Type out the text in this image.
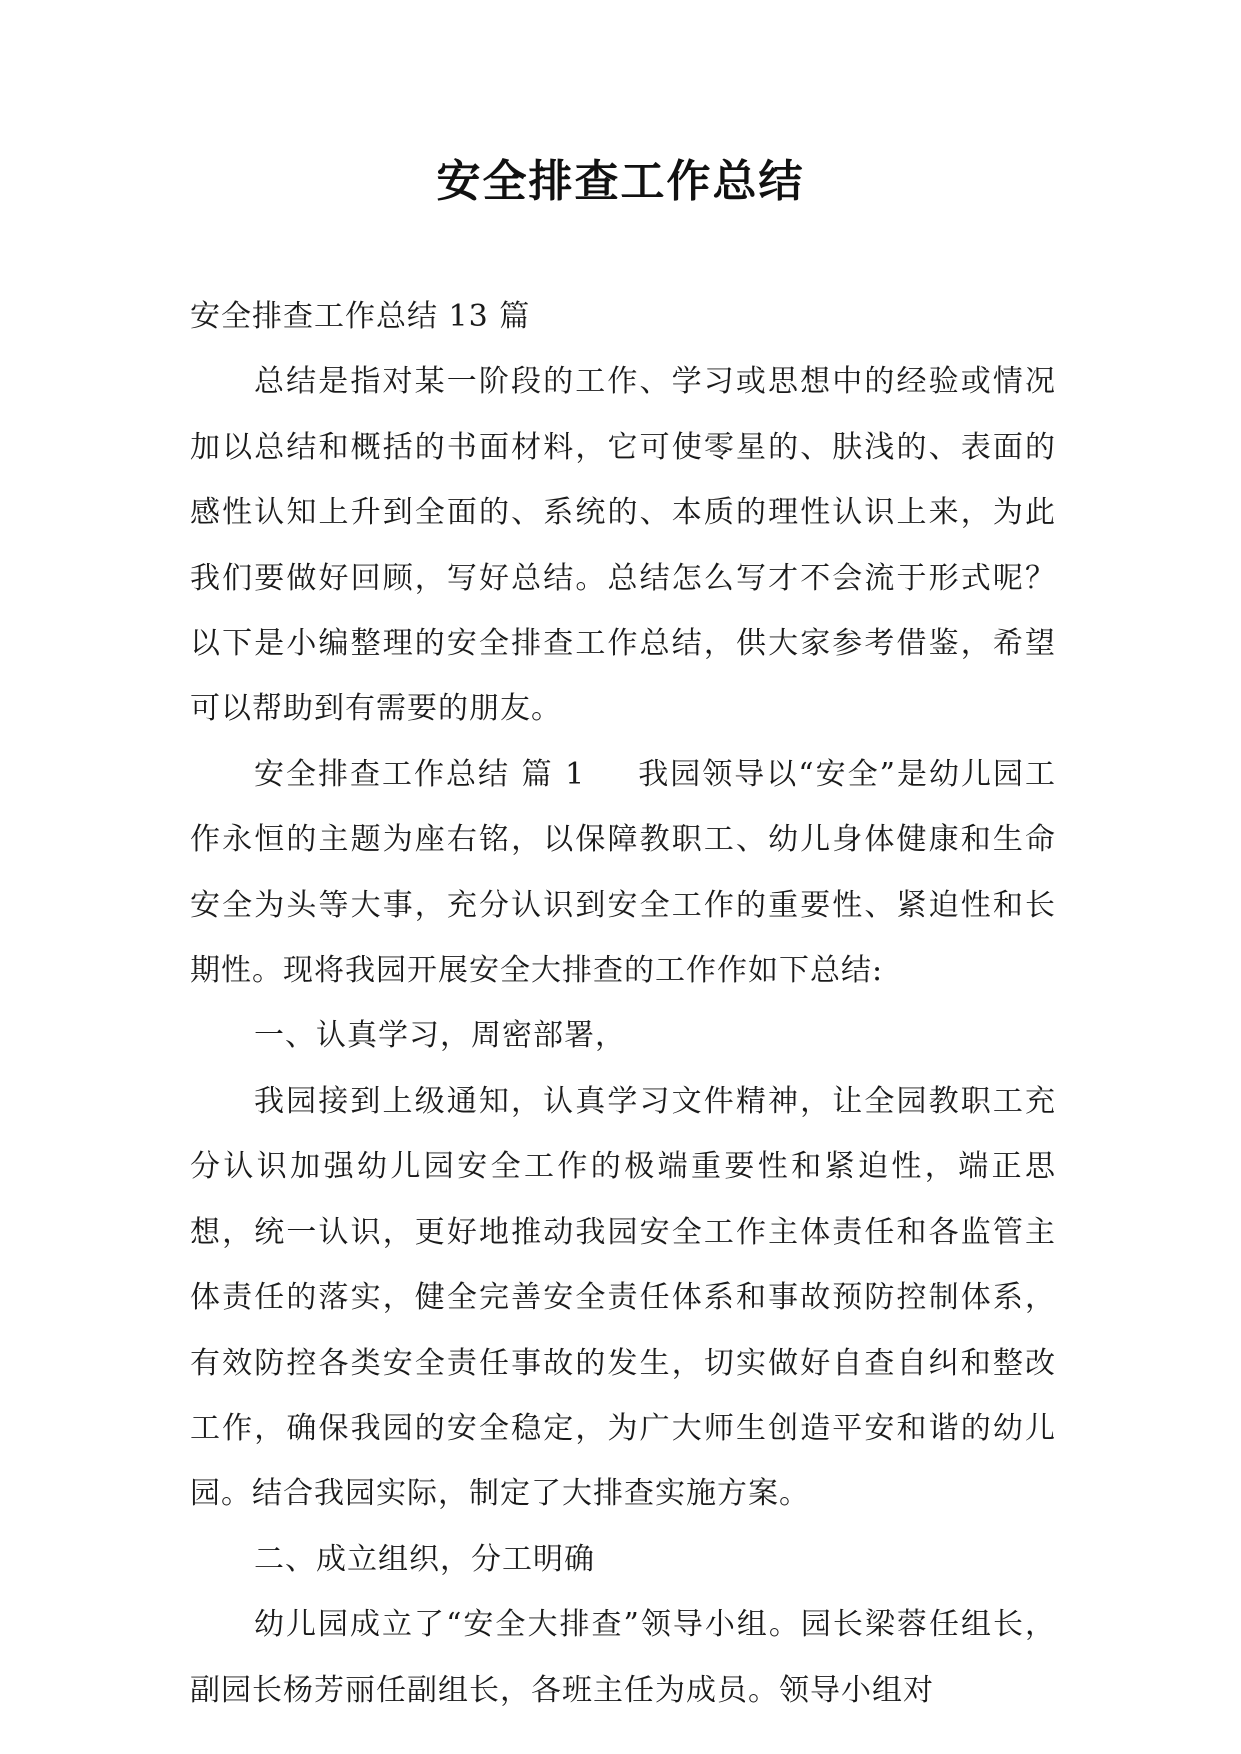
安全排查工作总结

安全排查工作总结 13 篇

总结是指对某一阶段的工作、学习或思想中的经验或情况加以总结和概括的书面材料，它可使零星的、肤浅的、表面的感性认知上升到全面的、系统的、本质的理性认识上来，为此我们要做好回顾，写好总结。总结怎么写才不会流于形式呢？以下是小编整理的安全排查工作总结，供大家参考借鉴，希望可以帮助到有需要的朋友。

安全排查工作总结 篇 1 我园领导以“安全”是幼儿园工作永恒的主题为座右铭，以保障教职工、幼儿身体健康和生命安全为头等大事，充分认识到安全工作的重要性、紧迫性和长期性。现将我园开展安全大排查的工作作如下总结:

一、认真学习，周密部署，

我园接到上级通知，认真学习文件精神，让全园教职工充分认识加强幼儿园安全工作的极端重要性和紧迫性，端正思想，统一认识，更好地推动我园安全工作主体责任和各监管主体责任的落实，健全完善安全责任体系和事故预防控制体系，有效防控各类安全责任事故的发生，切实做好自查自纠和整改工作，确保我园的安全稳定，为广大师生创造平安和谐的幼儿园。结合我园实际，制定了大排查实施方案。

二、成立组织，分工明确

幼儿园成立了“安全大排查”领导小组。园长梁蓉任组长，副园长杨芳丽任副组长，各班主任为成员。领导小组对
